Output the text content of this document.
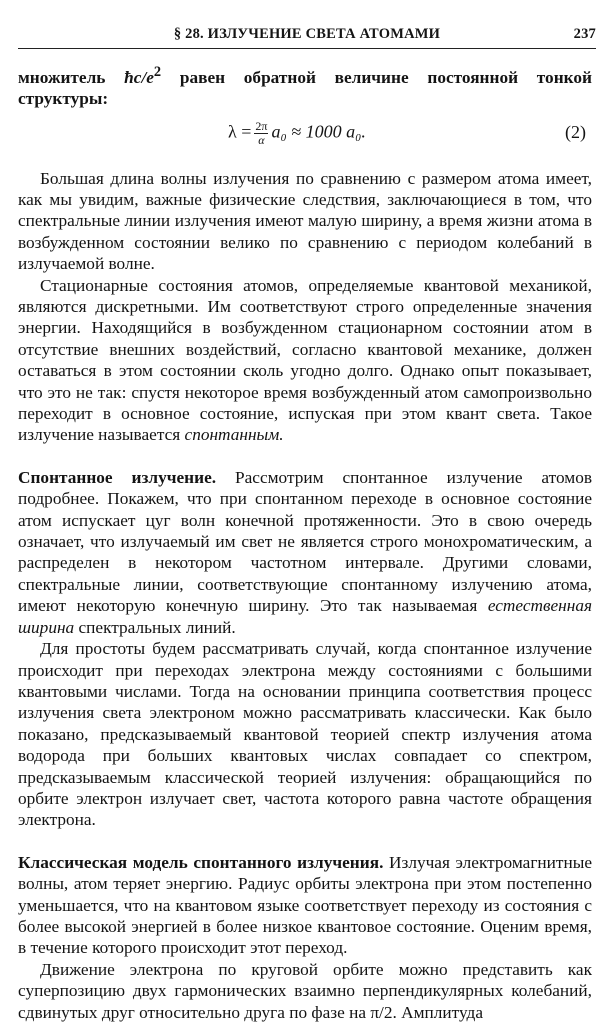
§ 28. ИЗЛУЧЕНИЕ СВЕТА АТОМАМИ	237

множитель $ħc/e^2$ равен обратной величине постоянной тонкой структуры:

$\lambda = \frac{2\pi}{\alpha} a_0 \approx 1000$ a₀.	(2)

Большая длина волны излучения по сравнению с размером атома имеет, как мы увидим, важные физические следствия, заключающиеся в том, что спектральные линии излучения имеют малую ширину, а время жизни атома в возбужденном состоянии велико по сравнению с периодом колебаний в излучаемой волне.

Стационарные состояния атомов, определяемые квантовой механикой, являются дискретными. Им соответствуют строго определенные значения энергии. Находящийся в возбужденном стационарном состоянии атом в отсутствие внешних воздействий, согласно квантовой механике, должен оставаться в этом состоянии сколь угодно долго. Однако опыт показывает, что это не так: спустя некоторое время возбужденный атом самопроизвольно переходит в основное состояние, испуская при этом квант света. Такое излучение называется спонтанным.

Спонтанное излучение. Рассмотрим спонтанное излучение атомов подробнее. Покажем, что при спонтанном переходе в основное состояние атом испускает цуг волн конечной протяженности. Это в свою очередь означает, что излучаемый им свет не является строго монохроматическим, а распределен в некотором частотном интервале. Другими словами, спектральные линии, соответствующие спонтанному излучению атома, имеют некоторую конечную ширину. Это так называемая естественная ширина спектральных линий.

Для простоты будем рассматривать случай, когда спонтанное излучение происходит при переходах электрона между состояниями с большими квантовыми числами. Тогда на основании принципа соответствия процесс излучения света электроном можно рассматривать классически. Как было показано, предсказываемый квантовой теорией спектр излучения атома водорода при больших квантовых числах совпадает со спектром, предсказываемым классической теорией излучения: обращающийся по орбите электрон излучает свет, частота которого равна частоте обращения электрона.

Классическая модель спонтанного излучения. Излучая электромагнитные волны, атом теряет энергию. Радиус орбиты электрона при этом постепенно уменьшается, что на квантовом языке соответствует переходу из состояния с более высокой энергией в более низкое квантовое состояние. Оценим время, в течение которого происходит этот переход.

Движение электрона по круговой орбите можно представить как суперпозицию двух гармонических взаимно перпендикулярных колебаний, сдвинутых друг относительно друга по фазе на π/2. Амплитуда
